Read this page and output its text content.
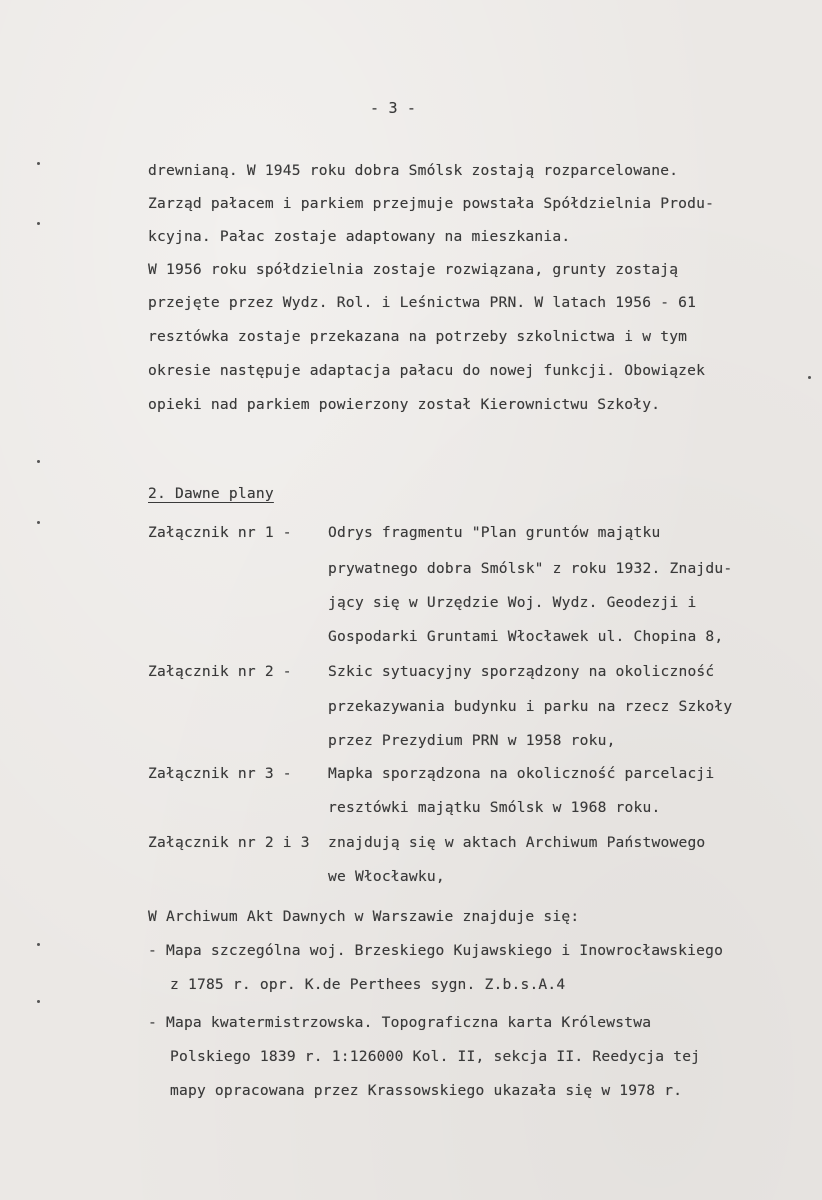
- 3 -
drewnianą. W 1945 roku dobra Smólsk zostają rozparcelowane.
Zarząd pałacem i parkiem przejmuje powstała Spółdzielnia Produ-
kcyjna. Pałac zostaje adaptowany na mieszkania.
W 1956 roku spółdzielnia zostaje rozwiązana, grunty zostają
przejęte przez Wydz. Rol. i Leśnictwa PRN. W latach 1956 - 61
resztówka zostaje przekazana na potrzeby szkolnictwa i w tym
okresie następuje adaptacja pałacu do nowej funkcji. Obowiązek
opieki nad parkiem powierzony został Kierownictwu Szkoły.
2. Dawne plany
Załącznik nr 1 - Odrys fragmentu "Plan gruntów majątku
prywatnego dobra Smólsk" z roku 1932. Znajdu-
jący się w Urzędzie Woj. Wydz. Geodezji i
Gospodarki Gruntami Włocławek ul. Chopina 8,
Załącznik nr 2 - Szkic sytuacyjny sporządzony na okoliczność
przekazywania budynku i parku na rzecz Szkoły
przez Prezydium PRN w 1958 roku,
Załącznik nr 3 - Mapka sporządzona na okoliczność parcelacji
resztówki majątku Smólsk w 1968 roku.
Załącznik nr 2 i 3 znajdują się w aktach Archiwum Państwowego
we Włocławku,
W Archiwum Akt Dawnych w Warszawie znajduje się:
- Mapa szczególna woj. Brzeskiego Kujawskiego i Inowrocławskiego
z 1785 r. opr. K.de Perthees sygn. Z.b.s.A.4
- Mapa kwatermistrzowska. Topograficzna karta Królewstwa
Polskiego 1839 r. 1:126000 Kol. II, sekcja II. Reedycja tej
mapy opracowana przez Krassowskiego ukazała się w 1978 r.
